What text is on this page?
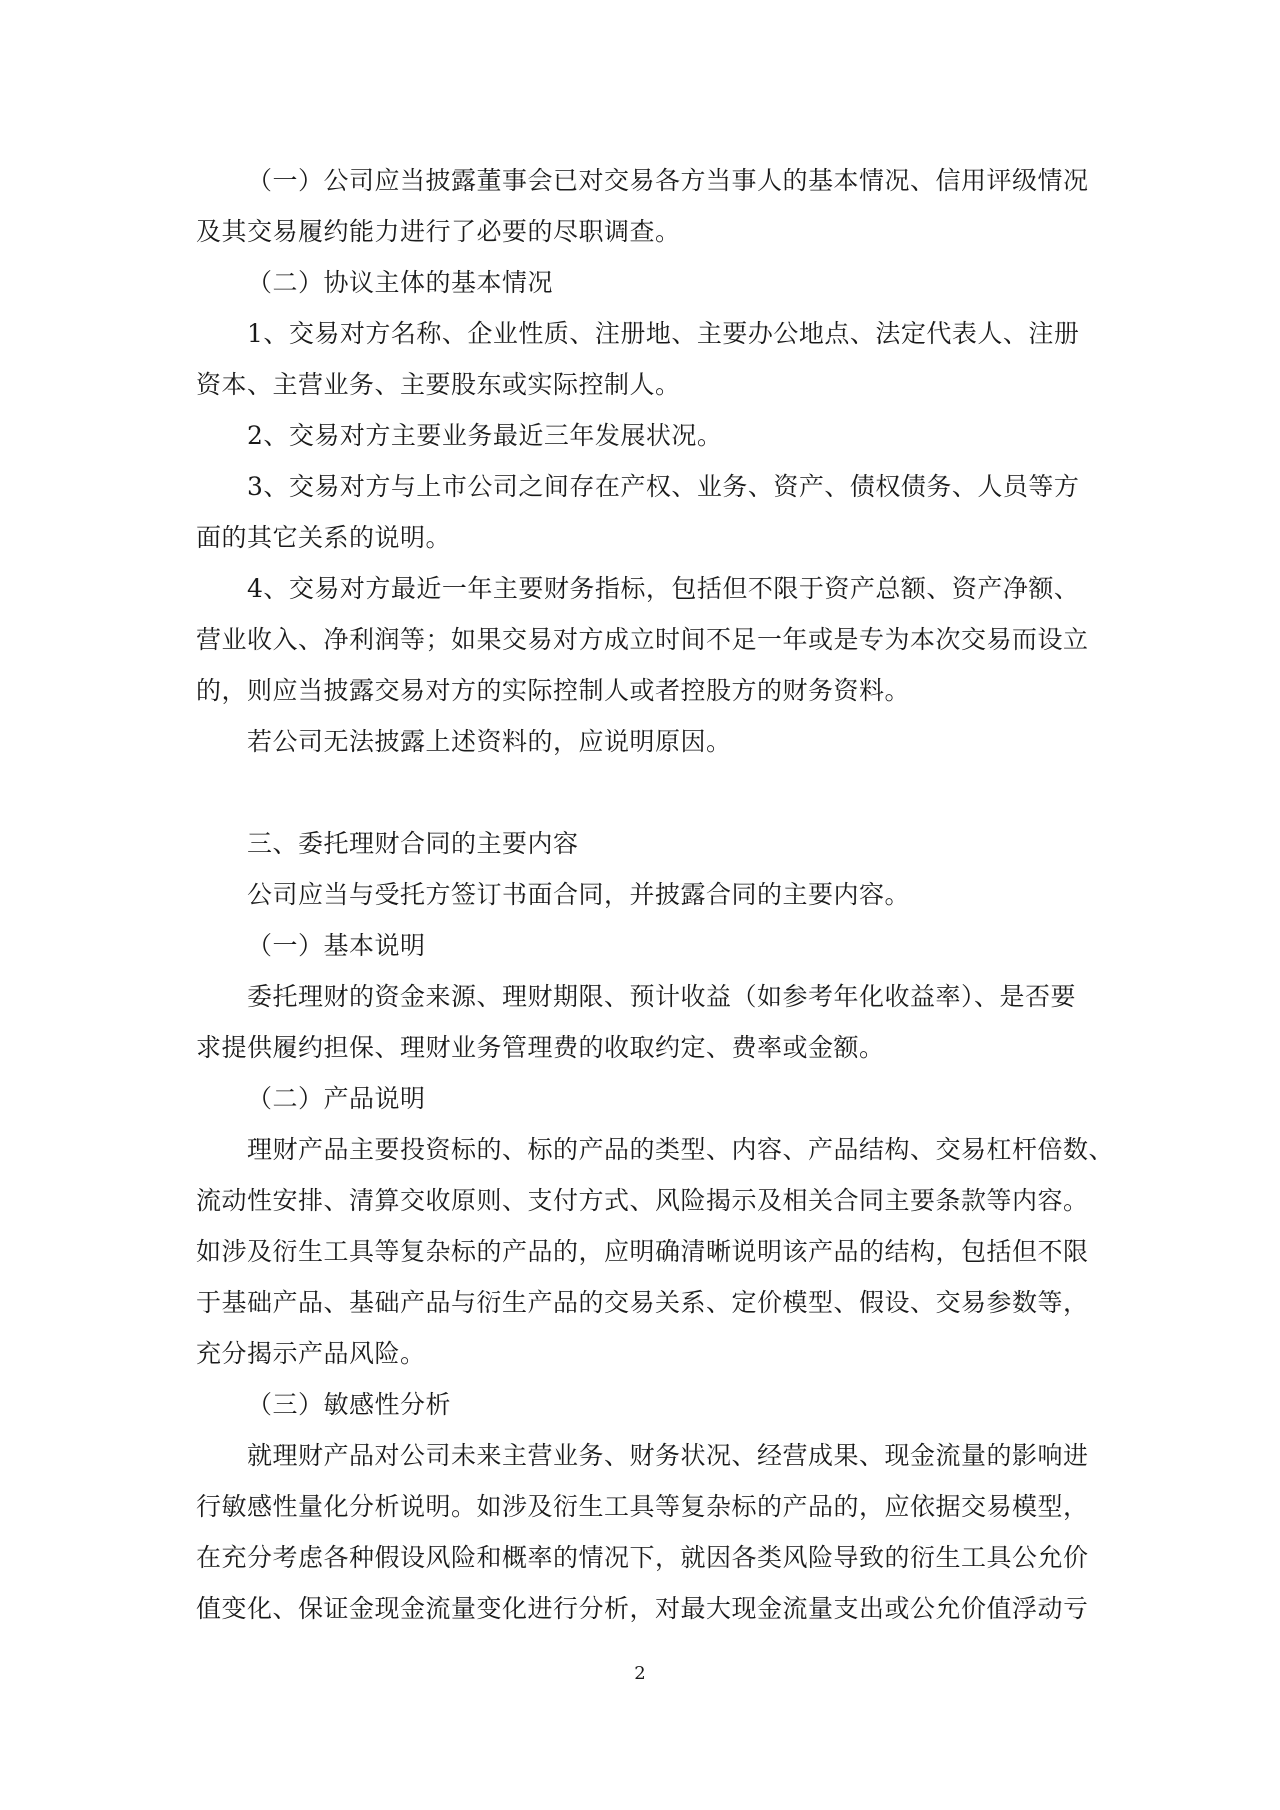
（一）公司应当披露董事会已对交易各方当事人的基本情况、信用评级情况

及其交易履约能力进行了必要的尽职调查。

（二）协议主体的基本情况

1、交易对方名称、企业性质、注册地、主要办公地点、法定代表人、注册

资本、主营业务、主要股东或实际控制人。

2、交易对方主要业务最近三年发展状况。

3、交易对方与上市公司之间存在产权、业务、资产、债权债务、人员等方

面的其它关系的说明。

4、交易对方最近一年主要财务指标，包括但不限于资产总额、资产净额、

营业收入、净利润等；如果交易对方成立时间不足一年或是专为本次交易而设立

的，则应当披露交易对方的实际控制人或者控股方的财务资料。

若公司无法披露上述资料的，应说明原因。

三、委托理财合同的主要内容

公司应当与受托方签订书面合同，并披露合同的主要内容。

（一）基本说明

委托理财的资金来源、理财期限、预计收益（如参考年化收益率）、是否要

求提供履约担保、理财业务管理费的收取约定、费率或金额。

（二）产品说明

理财产品主要投资标的、标的产品的类型、内容、产品结构、交易杠杆倍数、

流动性安排、清算交收原则、支付方式、风险揭示及相关合同主要条款等内容。

如涉及衍生工具等复杂标的产品的，应明确清晰说明该产品的结构，包括但不限

于基础产品、基础产品与衍生产品的交易关系、定价模型、假设、交易参数等，

充分揭示产品风险。

（三）敏感性分析

就理财产品对公司未来主营业务、财务状况、经营成果、现金流量的影响进

行敏感性量化分析说明。如涉及衍生工具等复杂标的产品的，应依据交易模型，

在充分考虑各种假设风险和概率的情况下，就因各类风险导致的衍生工具公允价

值变化、保证金现金流量变化进行分析，对最大现金流量支出或公允价值浮动亏

2
